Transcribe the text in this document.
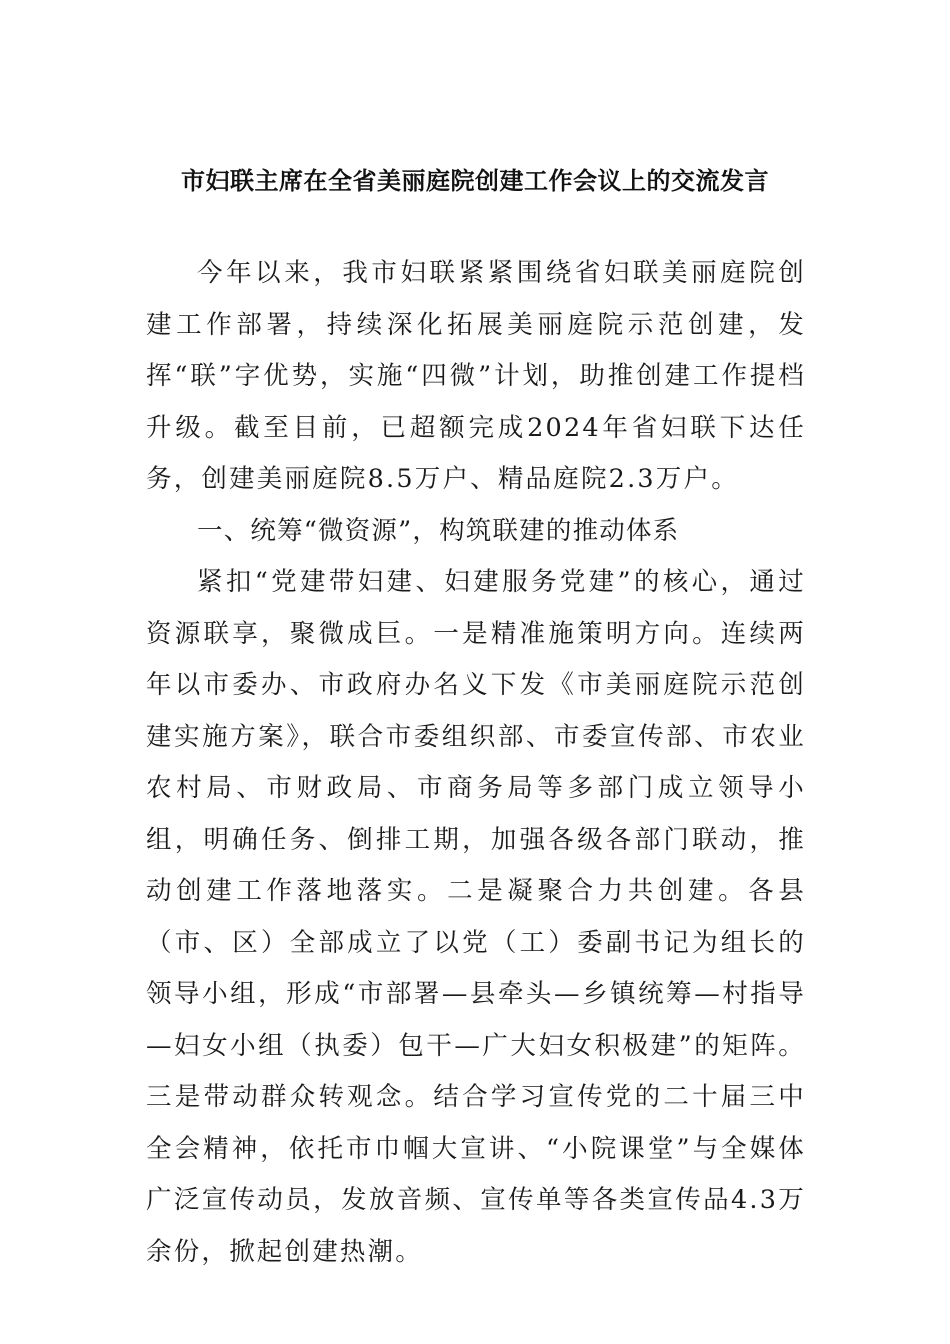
市妇联主席在全省美丽庭院创建工作会议上的交流发言

今年以来，我市妇联紧紧围绕省妇联美丽庭院创建工作部署，持续深化拓展美丽庭院示范创建，发挥“联”字优势，实施“四微”计划，助推创建工作提档升级。截至目前，已超额完成2024年省妇联下达任务，创建美丽庭院8.5万户、精品庭院2.3万户。

一、统筹“微资源”，构筑联建的推动体系

紧扣“党建带妇建、妇建服务党建”的核心，通过资源联享，聚微成巨。一是精准施策明方向。连续两年以市委办、市政府办名义下发《市美丽庭院示范创建实施方案》，联合市委组织部、市委宣传部、市农业农村局、市财政局、市商务局等多部门成立领导小组，明确任务、倒排工期，加强各级各部门联动，推动创建工作落地落实。二是凝聚合力共创建。各县（市、区）全部成立了以党（工）委副书记为组长的领导小组，形成“市部署—县牵头—乡镇统筹—村指导—妇女小组（执委）包干—广大妇女积极建”的矩阵。三是带动群众转观念。结合学习宣传党的二十届三中全会精神，依托市巾帼大宣讲、“小院课堂”与全媒体广泛宣传动员，发放音频、宣传单等各类宣传品4.3万余份，掀起创建热潮。
